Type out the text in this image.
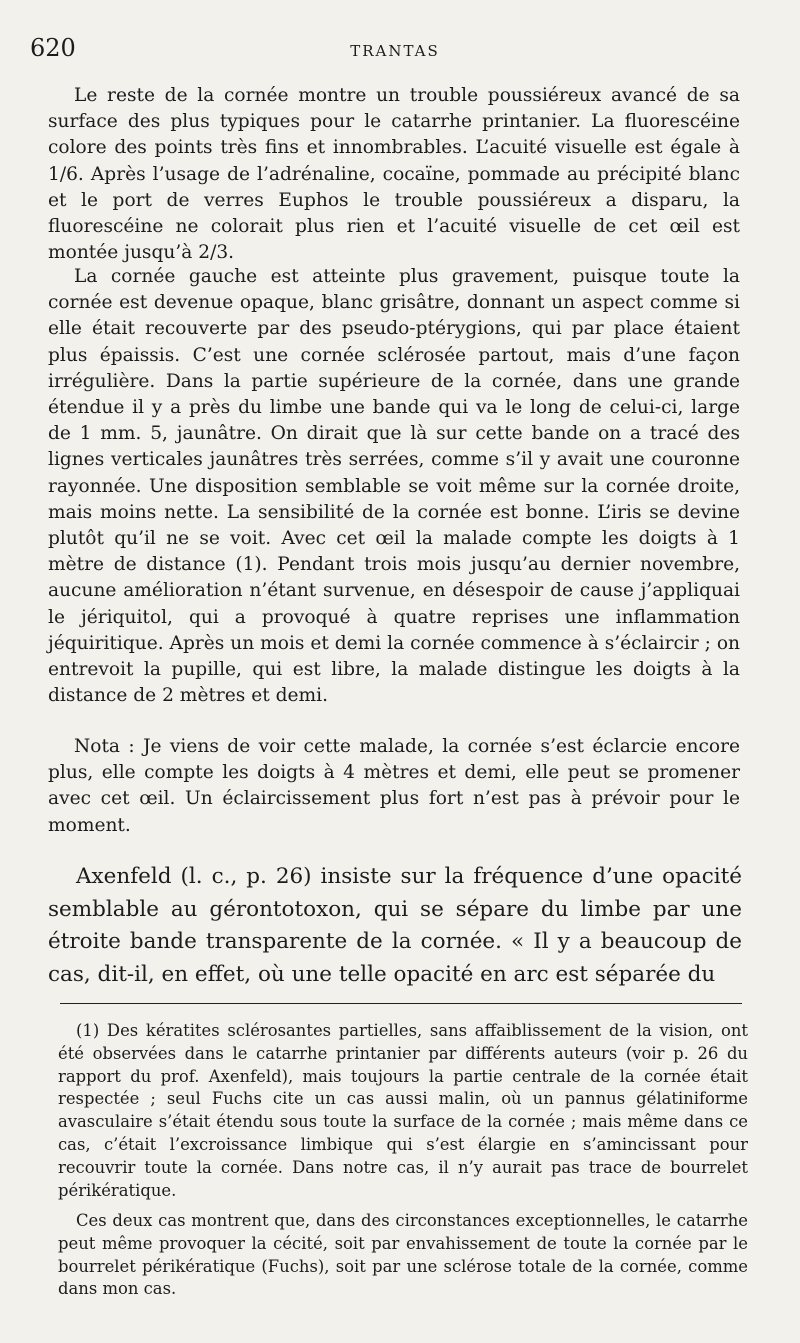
620	TRANTAS

Le reste de la cornée montre un trouble poussiéreux avancé de sa surface des plus typiques pour le catarrhe printanier. La fluorescéine colore des points très fins et innombrables. L’acuité visuelle est égale à 1/6. Après l’usage de l’adrénaline, cocaïne, pommade au précipité blanc et le port de verres Euphos le trouble poussiéreux a disparu, la fluorescéine ne colorait plus rien et l’acuité visuelle de cet œil est montée jusqu’à 2/3.

La cornée gauche est atteinte plus gravement, puisque toute la cornée est devenue opaque, blanc grisâtre, donnant un aspect comme si elle était recouverte par des pseudo-ptérygions, qui par place étaient plus épaissis. C’est une cornée sclérosée partout, mais d’une façon irrégulière. Dans la partie supérieure de la cornée, dans une grande étendue il y a près du limbe une bande qui va le long de celui-ci, large de 1 mm. 5, jaunâtre. On dirait que là sur cette bande on a tracé des lignes verticales jaunâtres très serrées, comme s’il y avait une couronne rayonnée. Une disposition semblable se voit même sur la cornée droite, mais moins nette. La sensibilité de la cornée est bonne. L’iris se devine plutôt qu’il ne se voit. Avec cet œil la malade compte les doigts à 1 mètre de distance (1). Pendant trois mois jusqu’au dernier novembre, aucune amélioration n’étant survenue, en désespoir de cause j’appliquai le jériquitol, qui a provoqué à quatre reprises une inflammation jéquiritique. Après un mois et demi la cornée commence à s’éclaircir ; on entrevoit la pupille, qui est libre, la malade distingue les doigts à la distance de 2 mètres et demi.

Nota : Je viens de voir cette malade, la cornée s’est éclarcie encore plus, elle compte les doigts à 4 mètres et demi, elle peut se promener avec cet œil. Un éclaircissement plus fort n’est pas à prévoir pour le moment.

Axenfeld (l. c., p. 26) insiste sur la fréquence d’une opacité semblable au gérontotoxon, qui se sépare du limbe par une étroite bande transparente de la cornée. « Il y a beaucoup de cas, dit-il, en effet, où une telle opacité en arc est séparée du

(1) Des kératites sclérosantes partielles, sans affaiblissement de la vision, ont été observées dans le catarrhe printanier par différents auteurs (voir p. 26 du rapport du prof. Axenfeld), mais toujours la partie centrale de la cornée était respectée ; seul Fuchs cite un cas aussi malin, où un pannus gélatiniforme avasculaire s’était étendu sous toute la surface de la cornée ; mais même dans ce cas, c’était l’excroissance limbique qui s’est élargie en s’amincissant pour recouvrir toute la cornée. Dans notre cas, il n’y aurait pas trace de bourrelet périkératique.

Ces deux cas montrent que, dans des circonstances exceptionnelles, le catarrhe peut même provoquer la cécité, soit par envahissement de toute la cornée par le bourrelet périkératique (Fuchs), soit par une sclérose totale de la cornée, comme dans mon cas.
